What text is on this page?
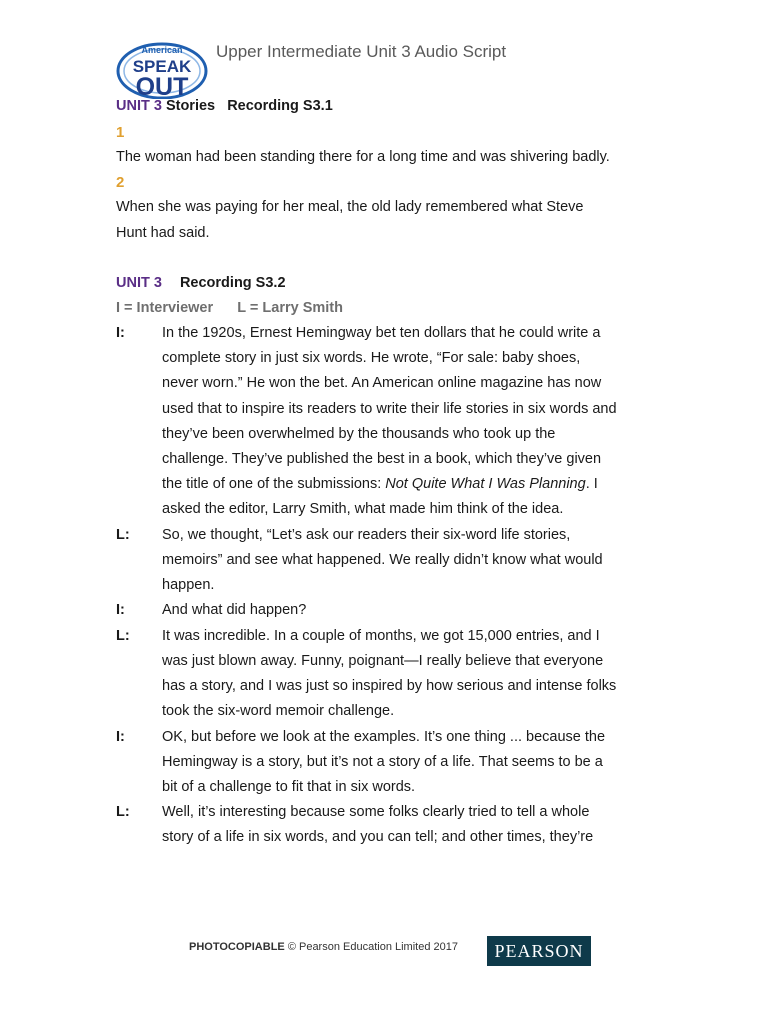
American
SPEAK
OUT
Upper Intermediate Unit 3 Audio Script
UNIT 3 Stories   Recording S3.1
1
The woman had been standing there for a long time and was shivering badly.
2
When she was paying for her meal, the old lady remembered what Steve
Hunt had said.
UNIT 3 Recording S3.2
I = Interviewer      L = Larry Smith
I:	In the 1920s, Ernest Hemingway bet ten dollars that he could write a
complete story in just six words. He wrote, “For sale: baby shoes,
never worn.” He won the bet. An American online magazine has now
used that to inspire its readers to write their life stories in six words and
they’ve been overwhelmed by the thousands who took up the
challenge. They’ve published the best in a book, which they’ve given
the title of one of the submissions: Not Quite What I Was Planning. I
asked the editor, Larry Smith, what made him think of the idea.
L: So, we thought, “Let’s ask our readers their six-word life stories,
memoirs” and see what happened. We really didn’t know what would
happen.
I:	And what did happen?
L: It was incredible. In a couple of months, we got 15,000 entries, and I
was just blown away. Funny, poignant—I really believe that everyone
has a story, and I was just so inspired by how serious and intense folks
took the six-word memoir challenge.
I:	OK, but before we look at the examples. It’s one thing ... because the
Hemingway is a story, but it’s not a story of a life. That seems to be a
bit of a challenge to fit that in six words.
L: Well, it’s interesting because some folks clearly tried to tell a whole
story of a life in six words, and you can tell; and other times, they’re
PHOTOCOPIABLE © Pearson Education Limited 2017	PEARSON
